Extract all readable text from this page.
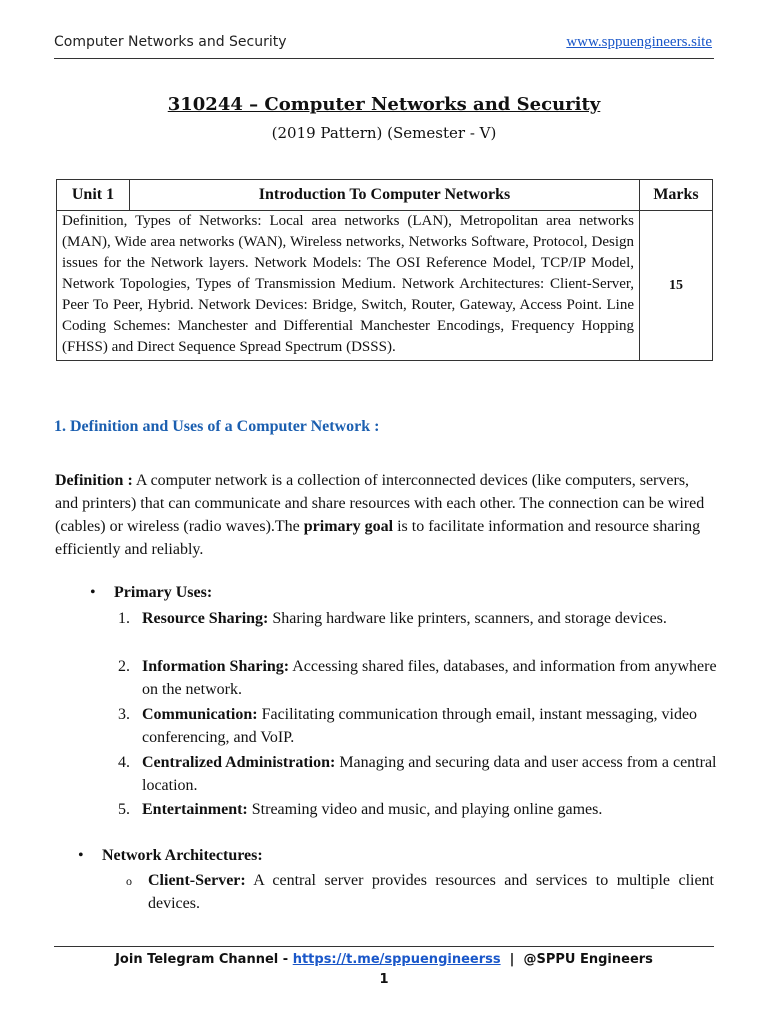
Computer Networks and Security	www.sppuengineers.site
310244 – Computer Networks and Security
(2019 Pattern) (Semester - V)
Unit 1	Introduction To Computer Networks	Marks
Definition, Types of Networks: Local area networks (LAN), Metropolitan area networks (MAN), Wide area networks (WAN), Wireless networks, Networks Software, Protocol, Design issues for the Network layers. Network Models: The OSI Reference Model, TCP/IP Model, Network Topologies, Types of Transmission Medium. Network Architectures: Client-Server, Peer To Peer, Hybrid. Network Devices: Bridge, Switch, Router, Gateway, Access Point. Line Coding Schemes: Manchester and Differential Manchester Encodings, Frequency Hopping (FHSS) and Direct Sequence Spread Spectrum (DSSS).		15
1. Definition and Uses of a Computer Network :
Definition : A computer network is a collection of interconnected devices (like computers, servers, and printers) that can communicate and share resources with each other. The connection can be wired (cables) or wireless (radio waves).The primary goal is to facilitate information and resource sharing efficiently and reliably.
• Primary Uses:
1. Resource Sharing: Sharing hardware like printers, scanners, and storage devices.
2. Information Sharing: Accessing shared files, databases, and information from anywhere on the network.
3. Communication: Facilitating communication through email, instant messaging, video conferencing, and VoIP.
4. Centralized Administration: Managing and securing data and user access from a central location.
5. Entertainment: Streaming video and music, and playing online games.
• Network Architectures:
o Client-Server: A central server provides resources and services to multiple client devices.
Join Telegram Channel - https://t.me/sppuengineerss  |  @SPPU Engineers
1
